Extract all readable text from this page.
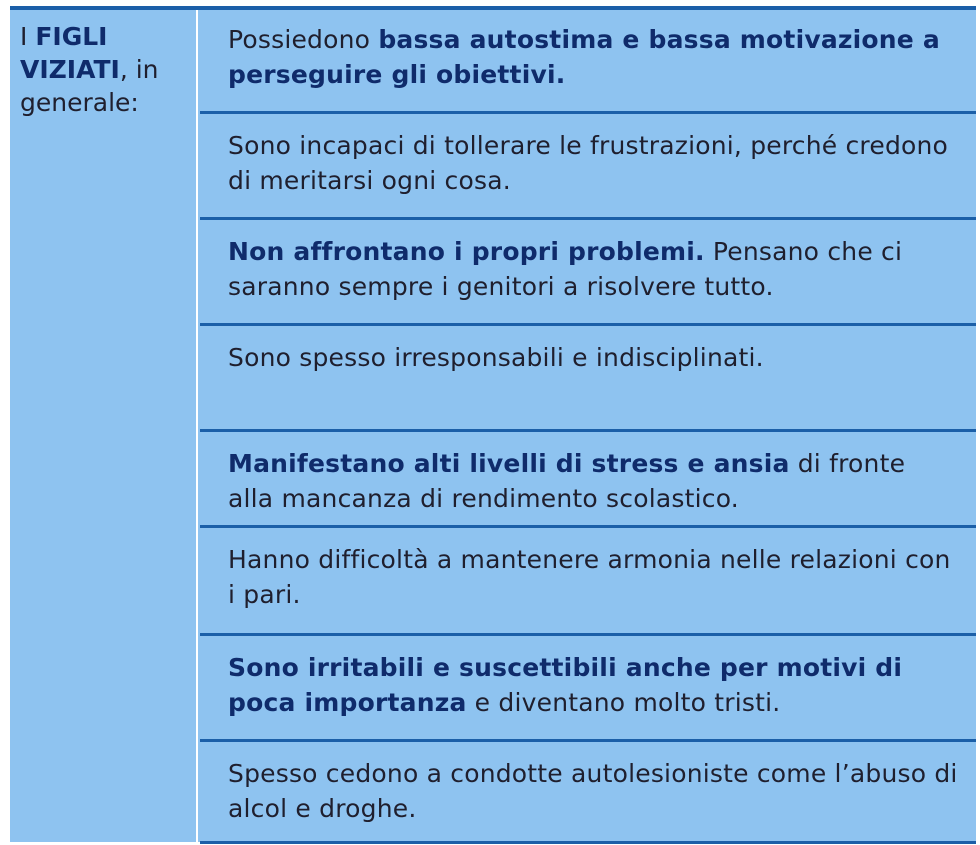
I FIGLI VIZIATI, in generale:
Possiedono bassa autostima e bassa motivazione a perseguire gli obiettivi.
Sono incapaci di tollerare le frustrazioni, perché credono di meritarsi ogni cosa.
Non affrontano i propri problemi. Pensano che ci saranno sempre i genitori a risolvere tutto.
Sono spesso irresponsabili e indisciplinati.
Manifestano alti livelli di stress e ansia di fronte alla mancanza di rendimento scolastico.
Hanno difficoltà a mantenere armonia nelle relazioni con i pari.
Sono irritabili e suscettibili anche per motivi di poca importanza e diventano molto tristi.
Spesso cedono a condotte autolesioniste come l’abuso di alcol e droghe.
